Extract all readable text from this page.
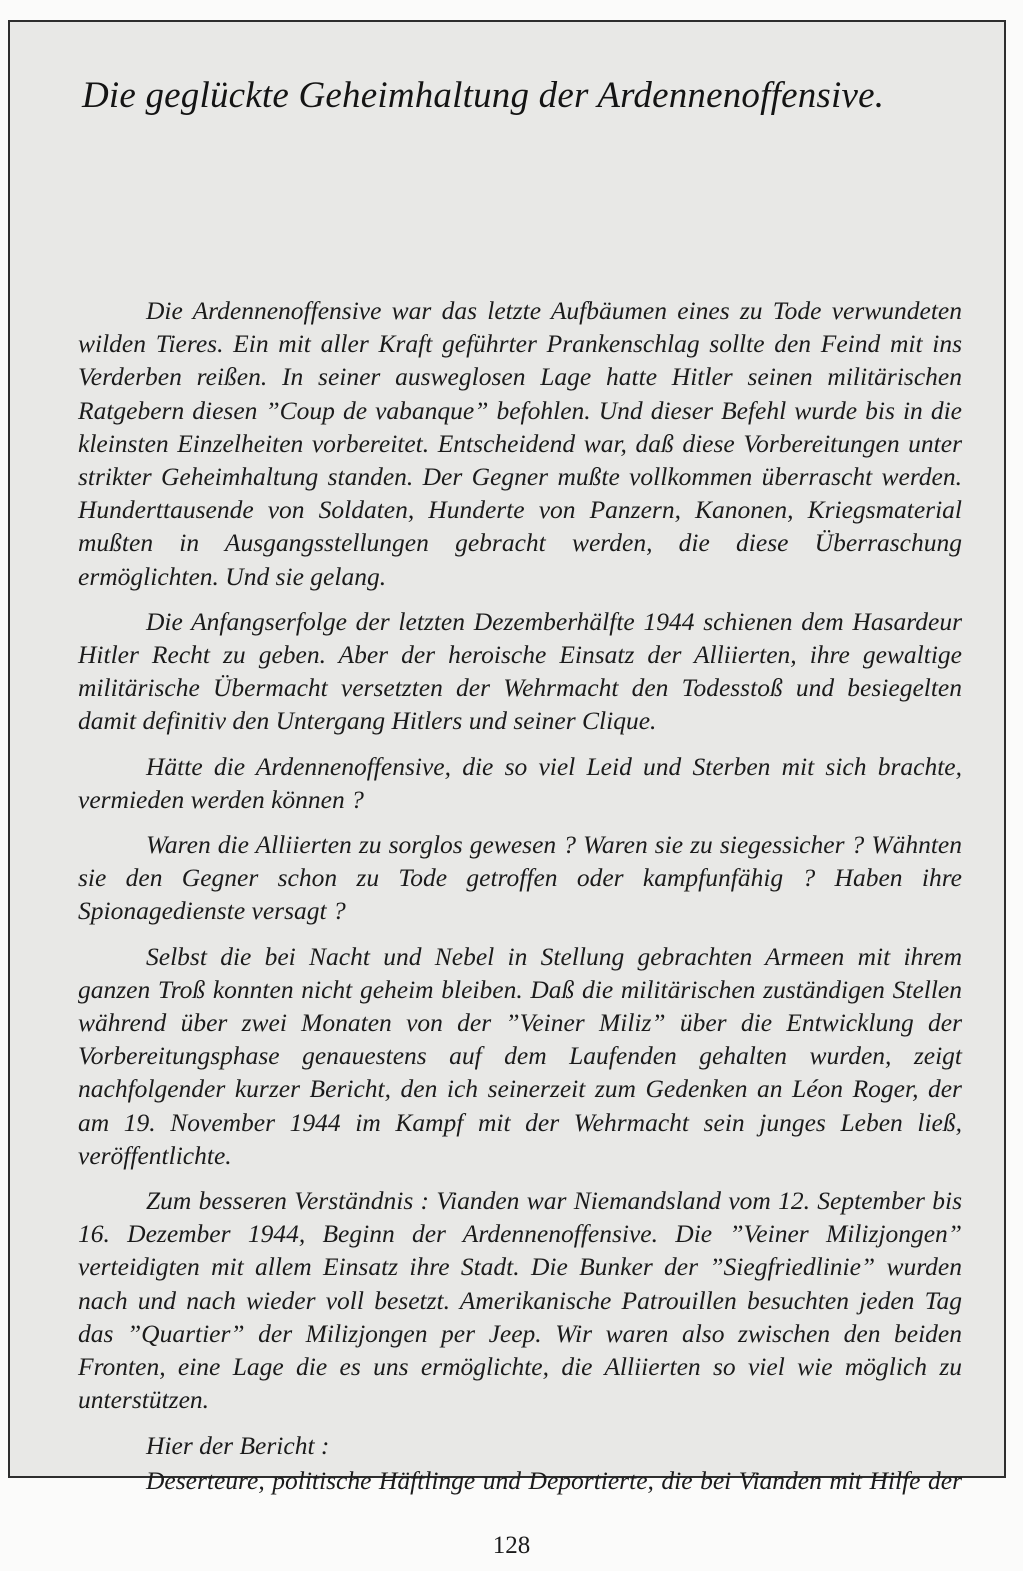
Die geglückte Geheimhaltung der Ardennenoffensive.

Die Ardennenoffensive war das letzte Aufbäumen eines zu Tode verwundeten wilden Tieres. Ein mit aller Kraft geführter Prankenschlag sollte den Feind mit ins Verderben reißen. In seiner ausweglosen Lage hatte Hitler seinen militärischen Ratgebern diesen ”Coup de vabanque” befohlen. Und dieser Befehl wurde bis in die kleinsten Einzelheiten vorbereitet. Entscheidend war, daß diese Vorbereitungen unter strikter Geheimhaltung standen. Der Gegner mußte vollkommen überrascht werden. Hunderttausende von Soldaten, Hunderte von Panzern, Kanonen, Kriegsmaterial mußten in Ausgangsstellungen gebracht werden, die diese Überraschung ermöglichten. Und sie gelang.

Die Anfangserfolge der letzten Dezemberhälfte 1944 schienen dem Hasardeur Hitler Recht zu geben. Aber der heroische Einsatz der Alliierten, ihre gewaltige militärische Übermacht versetzten der Wehrmacht den Todesstoß und besiegelten damit definitiv den Untergang Hitlers und seiner Clique.

Hätte die Ardennenoffensive, die so viel Leid und Sterben mit sich brachte, vermieden werden können ?

Waren die Alliierten zu sorglos gewesen ? Waren sie zu siegessicher ? Wähnten sie den Gegner schon zu Tode getroffen oder kampfunfähig ? Haben ihre Spionagedienste versagt ?

Selbst die bei Nacht und Nebel in Stellung gebrachten Armeen mit ihrem ganzen Troß konnten nicht geheim bleiben. Daß die militärischen zuständigen Stellen während über zwei Monaten von der ”Veiner Miliz” über die Entwicklung der Vorbereitungsphase genauestens auf dem Laufenden gehalten wurden, zeigt nachfolgender kurzer Bericht, den ich seinerzeit zum Gedenken an Léon Roger, der am 19. November 1944 im Kampf mit der Wehrmacht sein junges Leben ließ, veröffentlichte.

Zum besseren Verständnis : Vianden war Niemandsland vom 12. September bis 16. Dezember 1944, Beginn der Ardennenoffensive. Die ”Veiner Milizjongen” verteidigten mit allem Einsatz ihre Stadt. Die Bunker der ”Siegfriedlinie” wurden nach und nach wieder voll besetzt. Amerikanische Patrouillen besuchten jeden Tag das ”Quartier” der Milizjongen per Jeep. Wir waren also zwischen den beiden Fronten, eine Lage die es uns ermöglichte, die Alliierten so viel wie möglich zu unterstützen.

Hier der Bericht :

Deserteure, politische Häftlinge und Deportierte, die bei Vianden mit Hilfe der

128
